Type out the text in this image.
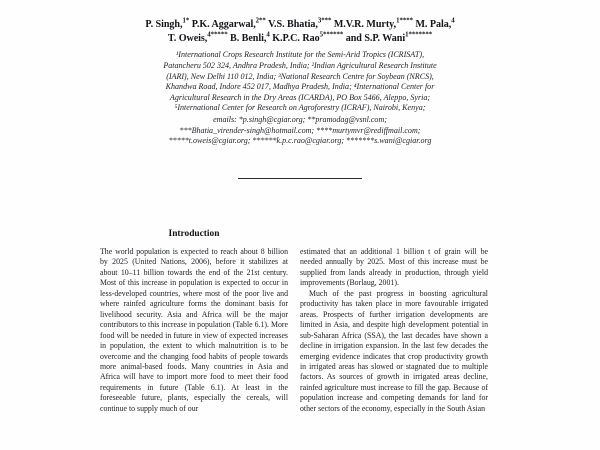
P. Singh,$^{1*}$ P.K. Aggarwal,$^{2**}$ V.S. Bhatia,$^{3***}$ M.V.R. Murty,$^{1****}$ M. Pala,$^4$
T. Oweis,$^{4*****}$ B. Benli,$^4$ K.P.C. Rao$^{5******}$ and S.P. Wani$^{1*******}$
¹International Crops Research Institute for the Semi-Arid Tropics (ICRISAT),
Patancheru 502 324, Andhra Pradesh, India; ²Indian Agricultural Research Institute
(IARI), New Delhi 110 012, India; ³National Research Centre for Soybean (NRCS),
Khandwa Road, Indore 452 017, Madhya Pradesh, India; ⁴International Center for
Agricultural Research in the Dry Areas (ICARDA), PO Box 5466, Aleppo, Syria;
⁵International Center for Research on Agroforestry (ICRAF), Nairobi, Kenya;
emails: *p.singh@cgiar.org; **pramodag@vsnl.com;
***Bhatia_virender-singh@hotmail.com; ****murtymvr@rediffmail.com;
*****t.oweis@cgiar.org; ******k.p.c.rao@cgiar.org; *******s.wani@cgiar.org
Introduction

The world population is expected to reach about 8 billion by 2025 (United Nations, 2006), before it stabilizes at about 10–11 billion towards the end of the 21st century. Most of this increase in population is expected to occur in less-developed countries, where most of the poor live and where rainfed agriculture forms the dominant basis for livelihood security. Asia and Africa will be the major contributors to this increase in population (Table 6.1). More food will be needed in future in view of expected increases in population, the extent to which malnutrition is to be overcome and the changing food habits of people towards more animal-based foods. Many countries in Asia and Africa will have to import more food to meet their food requirements in future (Table 6.1). At least in the foreseeable future, plants, especially the cereals, will continue to supply much of our

estimated that an additional 1 billion t of grain will be needed annually by 2025. Most of this increase must be supplied from lands already in production, through yield improvements (Borlaug, 2001).

Much of the past progress in boosting agricultural productivity has taken place in more favourable irrigated areas. Prospects of further irrigation developments are limited in Asia, and despite high development potential in sub-Saharan Africa (SSA), the last decades have shown a decline in irrigation expansion. In the last few decades the emerging evidence indicates that crop productivity growth in irrigated areas has slowed or stagnated due to multiple factors. As sources of growth in irrigated areas decline, rainfed agriculture must increase to fill the gap. Because of population increase and competing demands for land for other sectors of the economy, especially in the South Asian
